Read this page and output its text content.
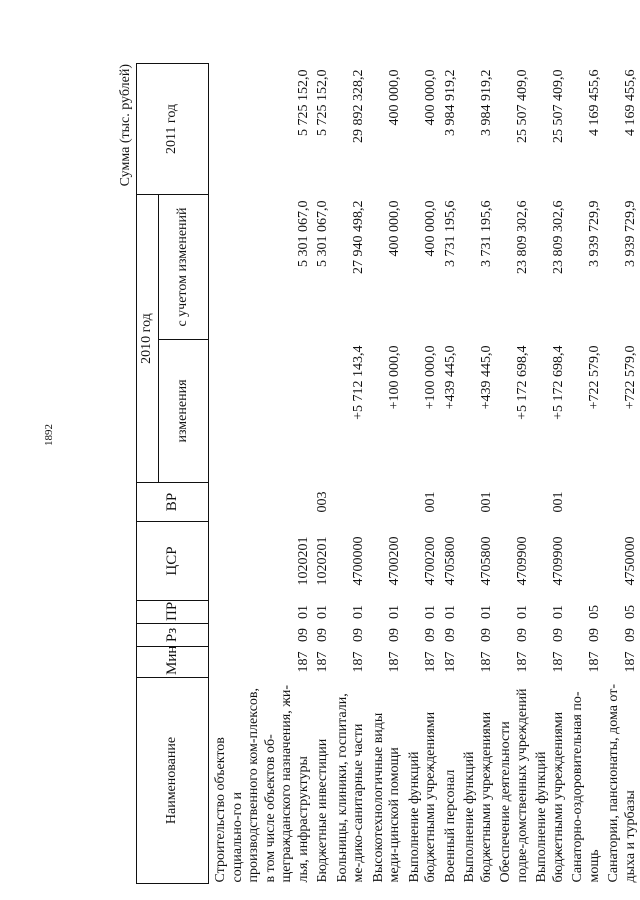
1892
Сумма (тыс. рублей)
Наименование	Мин	Рз	ПР	ЦСР	ВР	2010 год		2011 год
						изменения	с учетом изменений	
Строительство объектов социально-го и производственного ком-плексов, в том числе объектов об-щегражданского назначения, жи-лья, инфраструктуры	187	09	01	1020201			5 301 067,0	5 725 152,0
Бюджетные инвестиции	187	09	01	1020201	003		5 301 067,0	5 725 152,0
Больницы, клиники, госпитали, ме-дико-санитарные части	187	09	01	4700000		+5 712 143,4	27 940 498,2	29 892 328,2
Высокотехнологичные виды меди-цинской помощи	187	09	01	4700200		+100 000,0	400 000,0	400 000,0
Выполнение функций бюджетными учреждениями	187	09	01	4700200	001	+100 000,0	400 000,0	400 000,0
Военный персонал	187	09	01	4705800		+439 445,0	3 731 195,6	3 984 919,2
Выполнение функций бюджетными учреждениями	187	09	01	4705800	001	+439 445,0	3 731 195,6	3 984 919,2
Обеспечение деятельности подве-домственных учреждений	187	09	01	4709900		+5 172 698,4	23 809 302,6	25 507 409,0
Выполнение функций бюджетными учреждениями	187	09	01	4709900	001	+5 172 698,4	23 809 302,6	25 507 409,0
Санаторно-оздоровительная по-мощь	187	09	05			+722 579,0	3 939 729,9	4 169 455,6
Санатории, пансионаты, дома от-дыха и турбазы	187	09	05	4750000		+722 579,0	3 939 729,9	4 169 455,6
